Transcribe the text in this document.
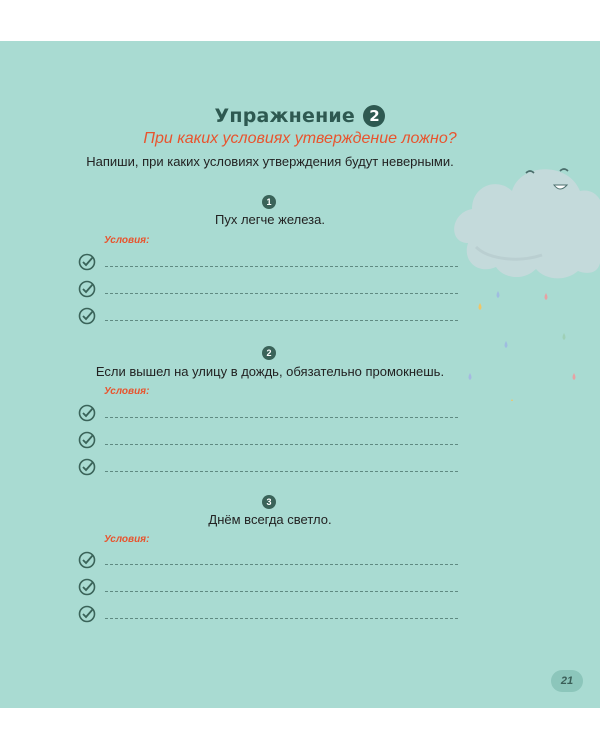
Упражнение 2
При каких условиях утверждение ложно?
Напиши, при каких условиях утверждения будут неверными.
1
Пух легче железа.
Условия:
2
Если вышел на улицу в дождь, обязательно промокнешь.
Условия:
3
Днём всегда светло.
Условия:
21
